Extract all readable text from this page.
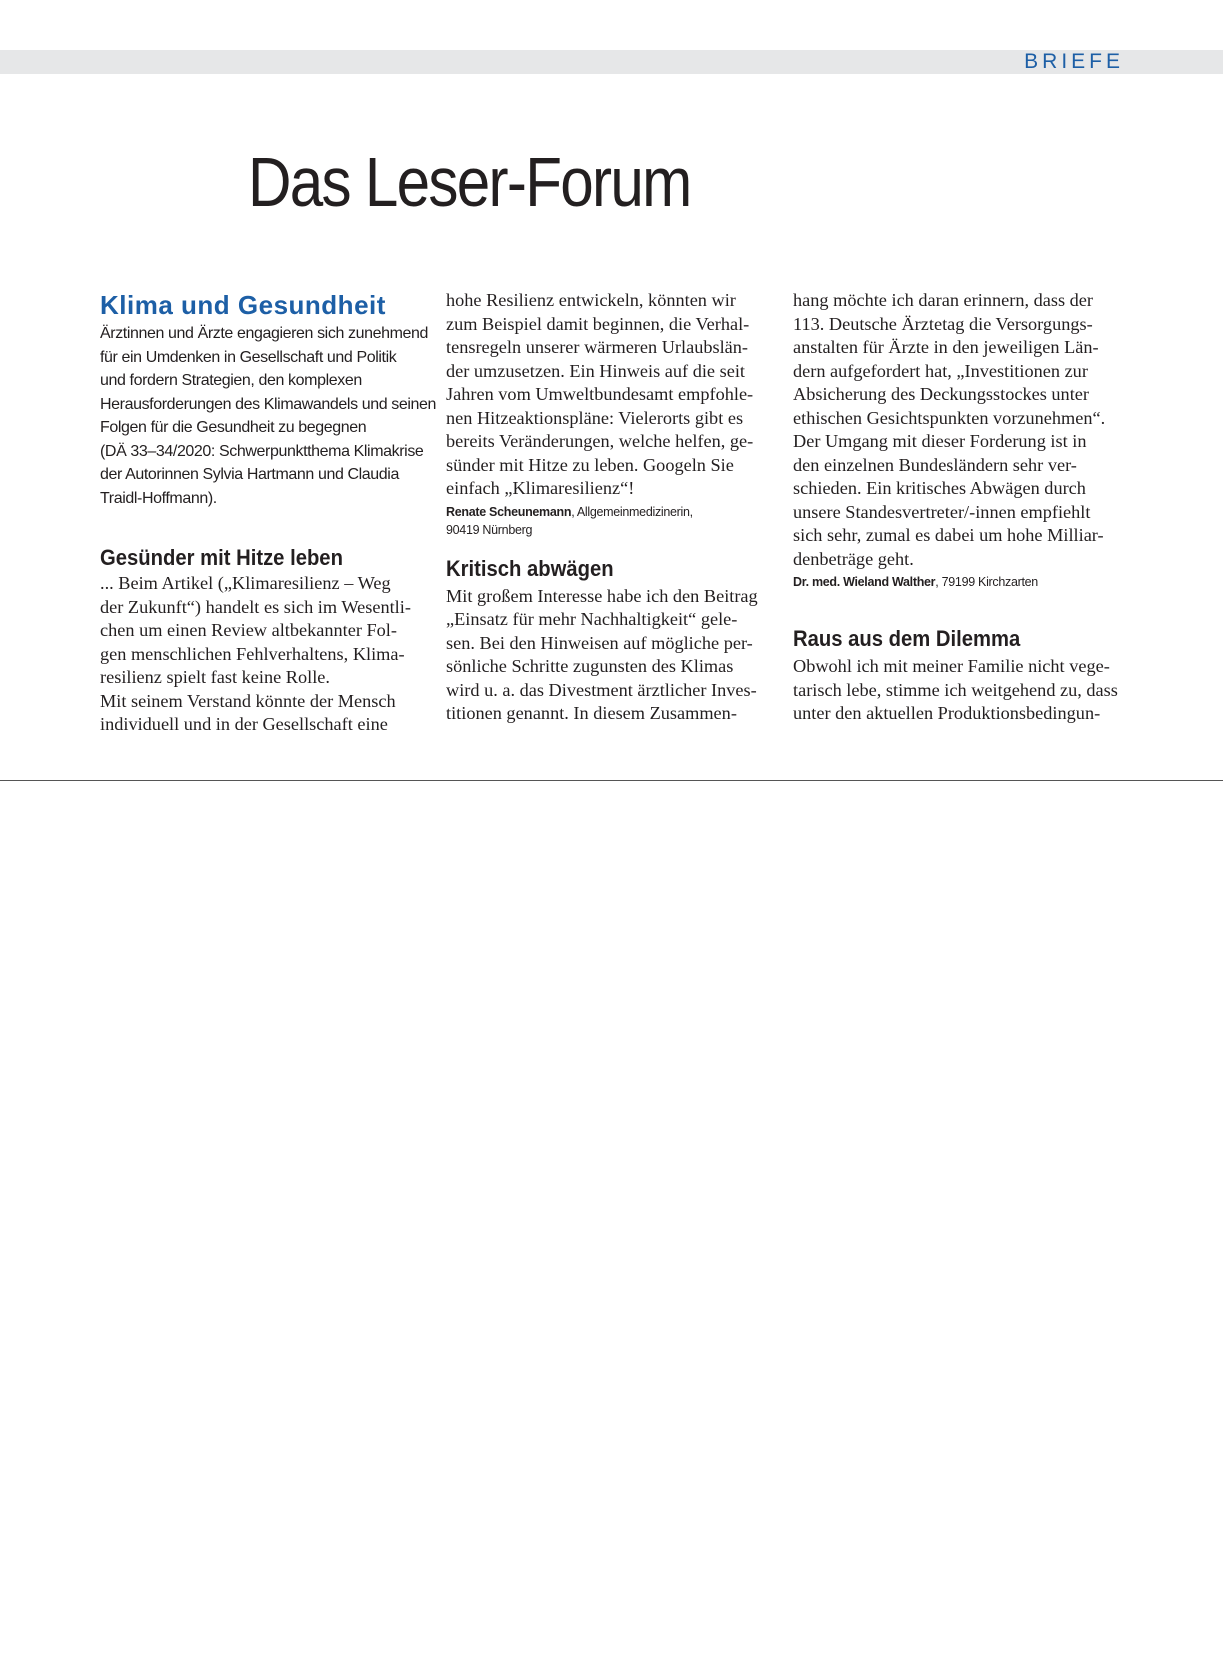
BRIEFE
Das Leser-Forum
Klima und Gesundheit
Ärztinnen und Ärzte engagieren sich zunehmend
für ein Umdenken in Gesellschaft und Politik
und fordern Strategien, den komplexen
Herausforderungen des Klimawandels und seinen
Folgen für die Gesundheit zu begegnen
(DÄ 33–34/2020: Schwerpunktthema Klimakrise
der Autorinnen Sylvia Hartmann und Claudia
Traidl-Hoffmann).
Gesünder mit Hitze leben
... Beim Artikel („Klimaresilienz – Weg
der Zukunft“) handelt es sich im Wesentli-
chen um einen Review altbekannter Fol-
gen menschlichen Fehlverhaltens, Klima-
resilienz spielt fast keine Rolle.
Mit seinem Verstand könnte der Mensch
individuell und in der Gesellschaft eine
hohe Resilienz entwickeln, könnten wir
zum Beispiel damit beginnen, die Verhal-
tensregeln unserer wärmeren Urlaubslän-
der umzusetzen. Ein Hinweis auf die seit
Jahren vom Umweltbundesamt empfohle-
nen Hitzeaktionspläne: Vielerorts gibt es
bereits Veränderungen, welche helfen, ge-
sünder mit Hitze zu leben. Googeln Sie
einfach „Klimaresilienz“!
Renate Scheunemann, Allgemeinmedizinerin,
90419 Nürnberg
Kritisch abwägen
Mit großem Interesse habe ich den Beitrag
„Einsatz für mehr Nachhaltigkeit“ gele-
sen. Bei den Hinweisen auf mögliche per-
sönliche Schritte zugunsten des Klimas
wird u. a. das Divestment ärztlicher Inves-
titionen genannt. In diesem Zusammen-
hang möchte ich daran erinnern, dass der
113. Deutsche Ärztetag die Versorgungs-
anstalten für Ärzte in den jeweiligen Län-
dern aufgefordert hat, „Investitionen zur
Absicherung des Deckungsstockes unter
ethischen Gesichtspunkten vorzunehmen“.
Der Umgang mit dieser Forderung ist in
den einzelnen Bundesländern sehr ver-
schieden. Ein kritisches Abwägen durch
unsere Standesvertreter/-innen empfiehlt
sich sehr, zumal es dabei um hohe Milliar-
denbeträge geht.
Dr. med. Wieland Walther, 79199 Kirchzarten
Raus aus dem Dilemma
Obwohl ich mit meiner Familie nicht vege-
tarisch lebe, stimme ich weitgehend zu, dass
unter den aktuellen Produktionsbedingun-
